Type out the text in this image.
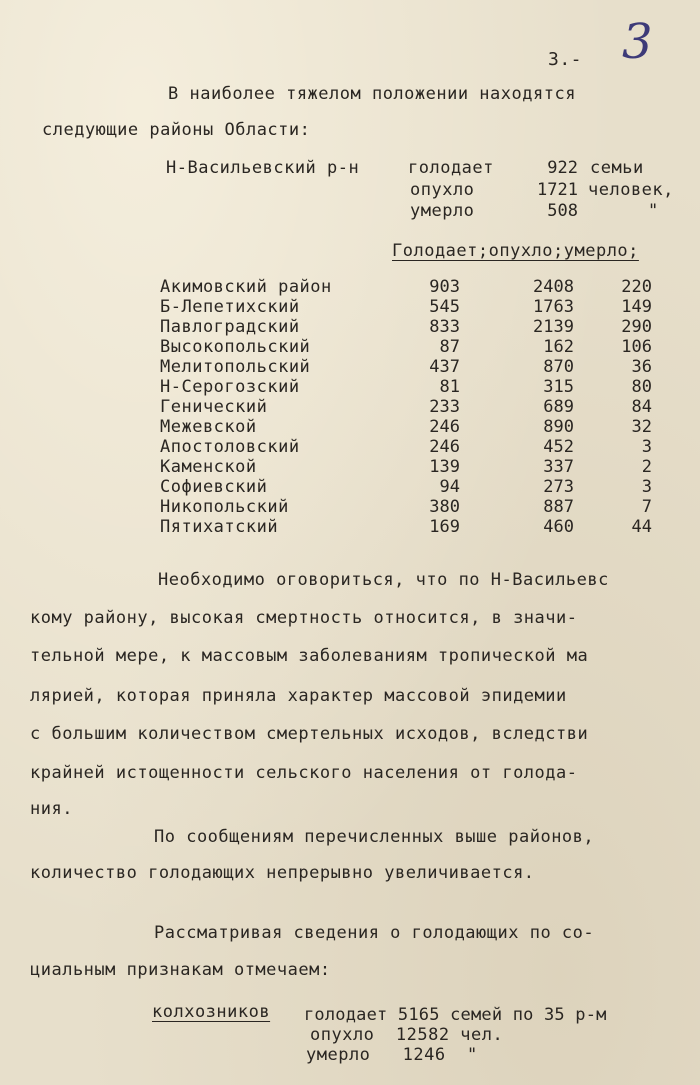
3.- 3
В наиболее тяжелом положении находятся
следующие районы Области:
Н-Васильевский р-н	голодает	922 семьи
опухло	1721 человек,
умерло	508	"
Голодает;опухло;умерло;
Акимовский район	903	2408	220
Б-Лепетихский	545	1763	149
Павлоградский	833	2139	290
Высокопольский	87	162	106
Мелитопольский	437	870	36
Н-Серогозский	81	315	80
Генический	233	689	84
Межевской	246	890	32
Апостоловский	246	452	3
Каменской	139	337	2
Софиевский	94	273	3
Никопольский	380	887	7
Пятихатский	169	460	44
Необходимо оговориться, что по Н-Васильевс
кому району, высокая смертность относится, в значи-
тельной мере, к массовым заболеваниям тропической ма
лярией, которая приняла характер массовой эпидемии
с большим количеством смертельных исходов, вследстви
крайней истощенности сельского населения от голода-
ния.
По сообщениям перечисленных выше районов,
количество голодающих непрерывно увеличивается.
Рассматривая сведения о голодающих по со-
циальным признакам отмечаем:
колхозников голодает 5165 семей по 35 р-м
опухло  12582 чел.
умерло   1246  "
